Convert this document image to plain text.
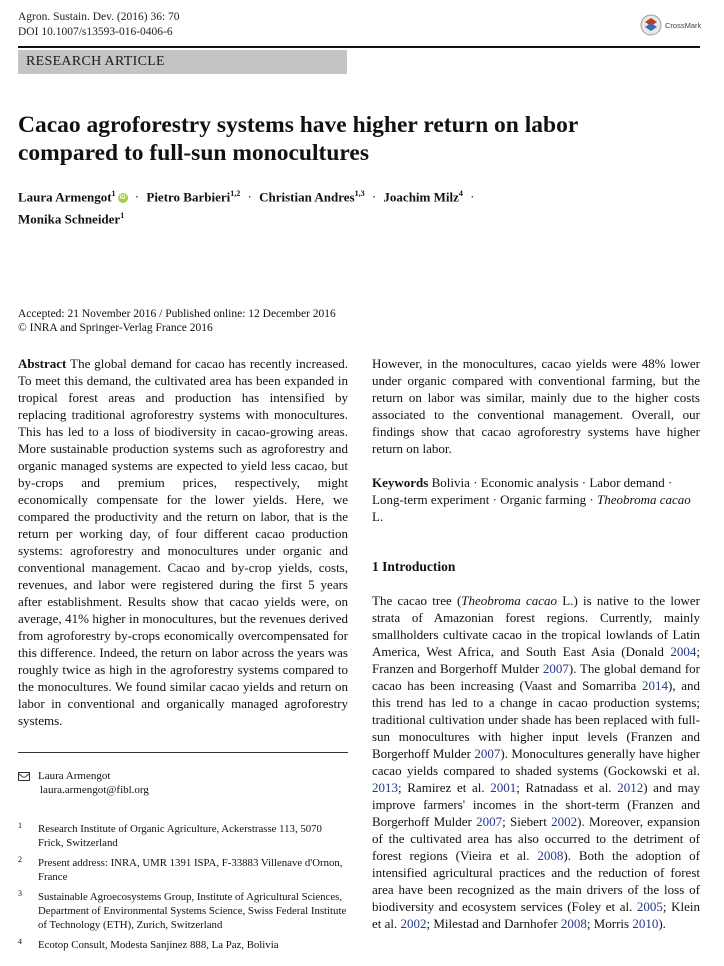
Agron. Sustain. Dev. (2016) 36: 70
DOI 10.1007/s13593-016-0406-6
CrossMark
RESEARCH ARTICLE
Cacao agroforestry systems have higher return on labor
compared to full-sun monocultures
Laura Armengot$^1$iD · Pietro Barbieri$^{1,2}$ · Christian Andres$^{1,3}$ · Joachim Milz$^4$ ·
Monika Schneider$^1$
Accepted: 21 November 2016 / Published online: 12 December 2016
© INRA and Springer-Verlag France 2016

Abstract The global demand for cacao has recently increased. To meet this demand, the cultivated area has been expanded in tropical forest areas and production has intensified by replacing traditional agroforestry systems with monocultures. This has led to a loss of biodiversity in cacao-growing areas. More sustainable production systems such as agroforestry and organic managed systems are expected to yield less cacao, but by-crops and premium prices, respectively, might economically compensate for the lower yields. Here, we compared the productivity and the return on labor, that is the return per working day, of four different cacao production systems: agroforestry and monocultures under organic and conventional management. Cacao and by-crop yields, costs, revenues, and labor were registered during the first 5 years after establishment. Results show that cacao yields were, on average, 41% higher in monocultures, but the revenues derived from agroforestry by-crops economically overcompensated for this difference. Indeed, the return on labor across the years was roughly twice as high in the agroforestry systems compared to the monocultures. We found similar cacao yields and return on labor in conventional and organically managed agroforestry systems.

However, in the monocultures, cacao yields were 48% lower under organic compared with conventional farming, but the return on labor was similar, mainly due to the higher costs associated to the conventional management. Overall, our findings show that cacao agroforestry systems have higher return on labor.

Keywords Bolivia · Economic analysis · Labor demand · Long-term experiment · Organic farming · Theobroma cacao L.

1 Introduction

The cacao tree (Theobroma cacao L.) is native to the lower strata of Amazonian forest regions. Currently, mainly smallholders cultivate cacao in the tropical lowlands of Latin America, West Africa, and South East Asia (Donald 2004; Franzen and Borgerhoff Mulder 2007). The global demand for cacao has been increasing (Vaast and Somarriba 2014), and this trend has led to a change in cacao production systems; traditional cultivation under shade has been replaced with full-sun monocultures with higher input levels (Franzen and Borgerhoff Mulder 2007). Monocultures generally have higher cacao yields compared to shaded systems (Gockowski et al. 2013; Ramirez et al. 2001; Ratnadass et al. 2012) and may improve farmers' incomes in the short-term (Franzen and Borgerhoff Mulder 2007; Siebert 2002). Moreover, expansion of the cultivated area has also occurred to the detriment of forest regions (Vieira et al. 2008). Both the adoption of intensified agricultural practices and the reduction of forest area have been recognized as the main drivers of the loss of biodiversity and ecosystem services (Foley et al. 2005; Klein et al. 2002; Milestad and Darnhofer 2008; Morris 2010).

Laura Armengot
laura.armengot@fibl.org
1 Research Institute of Organic Agriculture, Ackerstrasse 113, 5070 Frick, Switzerland
2 Present address: INRA, UMR 1391 ISPA, F-33883 Villenave d'Ornon, France
3 Sustainable Agroecosystems Group, Institute of Agricultural Sciences, Department of Environmental Systems Science, Swiss Federal Institute of Technology (ETH), Zurich, Switzerland
4 Ecotop Consult, Modesta Sanjinez 888, La Paz, Bolivia
